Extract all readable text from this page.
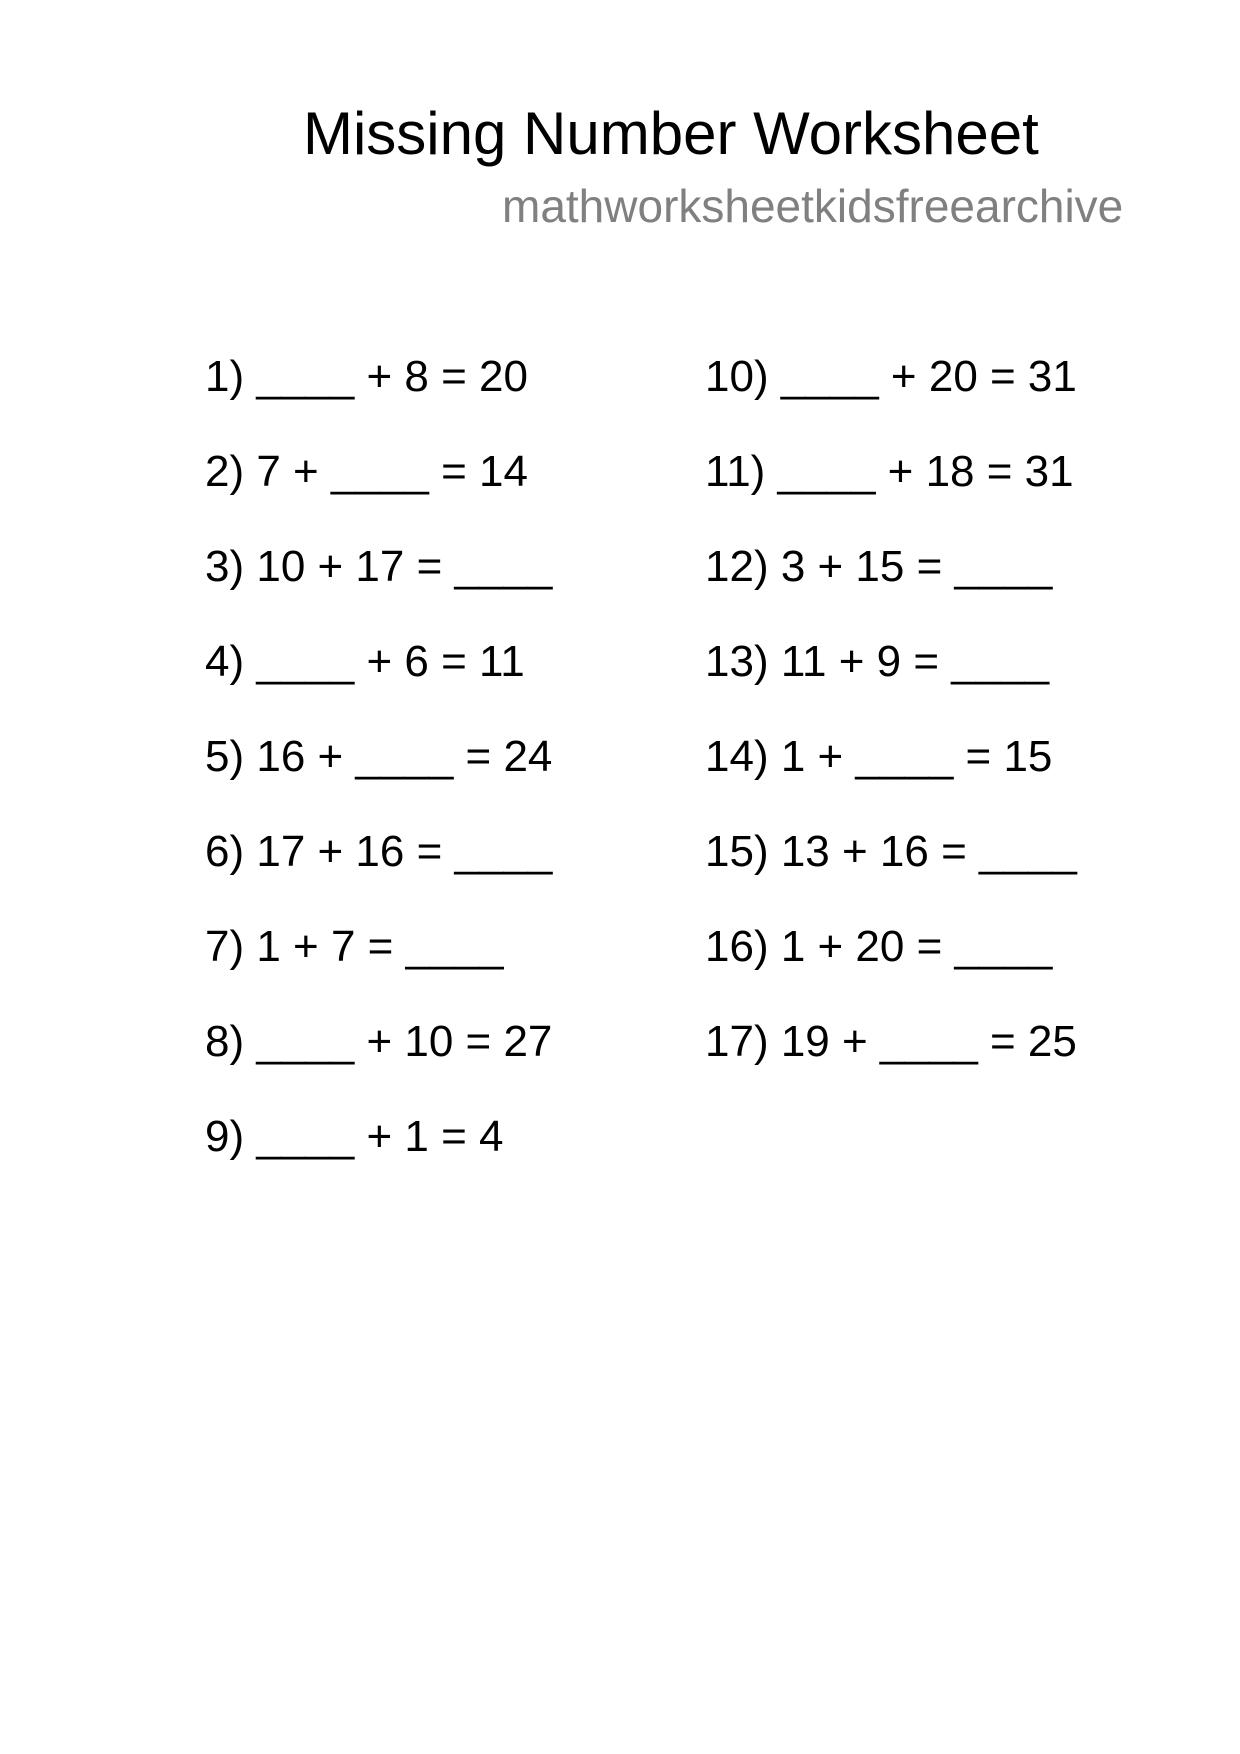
Missing Number Worksheet
mathworksheetkidsfreearchive
1) ____ + 8 = 20
2) 7 + ____ = 14
3) 10 + 17 = ____
4) ____ + 6 = 11
5) 16 + ____ = 24
6) 17 + 16 = ____
7) 1 + 7 = ____
8) ____ + 10 = 27
9) ____ + 1 = 4
10) ____ + 20 = 31
11) ____ + 18 = 31
12) 3 + 15 = ____
13) 11 + 9 = ____
14) 1 + ____ = 15
15) 13 + 16 = ____
16) 1 + 20 = ____
17) 19 + ____ = 25
